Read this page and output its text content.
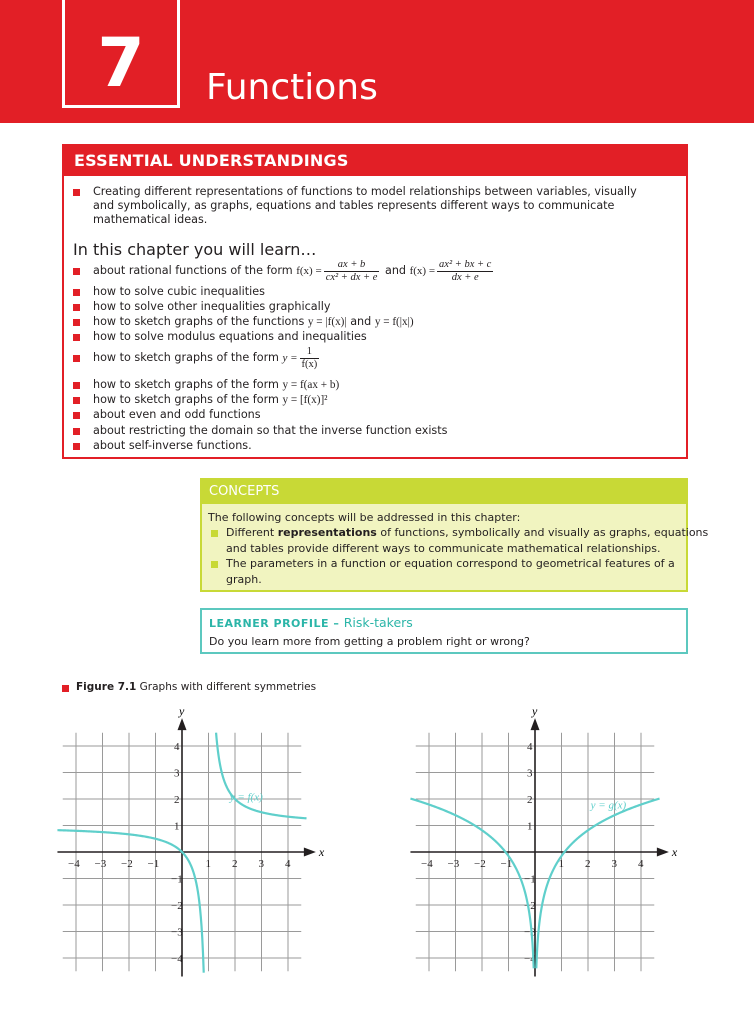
7	Functions
ESSENTIAL UNDERSTANDINGS
Creating different representations of functions to model relationships between variables, visually
and symbolically, as graphs, equations and tables represents different ways to communicate
mathematical ideas.
In this chapter you will learn…
about rational functions of the form $f(x) = \frac{ax + b}{\text{cx² + dx + e}}$ and $f(x) = \frac{\text{ax² + bx + c}}{dx + e}$
how to solve cubic inequalities
how to solve other inequalities graphically
how to sketch graphs of the functions y = |f(x)| and y = f(|x|)
how to solve modulus equations and inequalities
how to sketch graphs of the form $y = \frac{1}{f(x)}$
how to sketch graphs of the form y = f(ax + b)
how to sketch graphs of the form y = [f(x)]²
about even and odd functions
about restricting the domain so that the inverse function exists
about self-inverse functions.
CONCEPTS
The following concepts will be addressed in this chapter:
Different representations of functions, symbolically and visually as graphs, equations
and tables provide different ways to communicate mathematical relationships.
The parameters in a function or equation correspond to geometrical features of a
graph.
LEARNER PROFILE – Risk-takers
Do you learn more from getting a problem right or wrong?
Figure 7.1 Graphs with different symmetries
x
y
−4 −3 −2 −1	1 2 3 4
4
3
2
1
−1
−2
−3
−4
y = f(x)
x
y
−4 −3 −2 −1	1 2 3 4
4
3
2
1
−1
−2
−3
−4
y = g(x)
